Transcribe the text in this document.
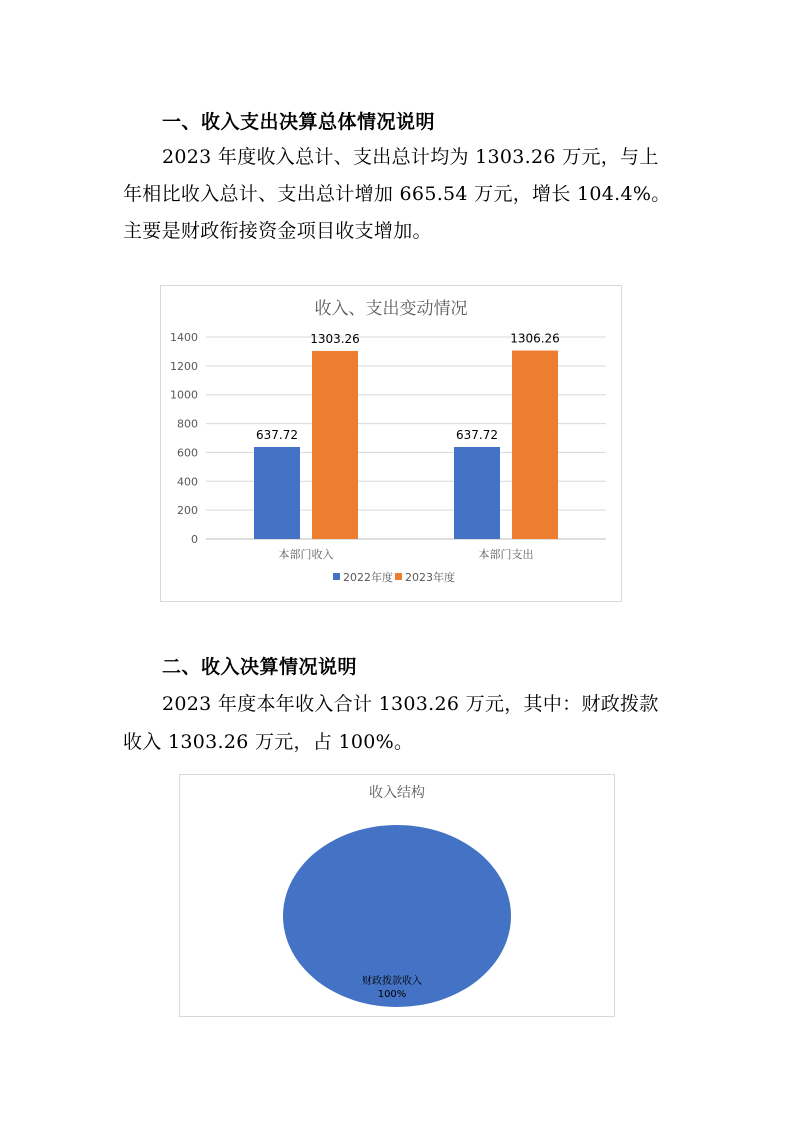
一、收入支出决算总体情况说明
2023 年度收入总计、支出总计均为 1303.26 万元，与上
年相比收入总计、支出总计增加 665.54 万元，增长 104.4%。
主要是财政衔接资金项目收支增加。
收入、支出变动情况
0
200
400
600
800
1000
1200
1400
637.72
1303.26
637.72
1306.26
本部门收入	本部门支出
2022年度 2023年度
二、收入决算情况说明
2023 年度本年收入合计 1303.26 万元，其中：财政拨款
收入 1303.26 万元，占 100%。
收入结构
财政拨款收入
100%
